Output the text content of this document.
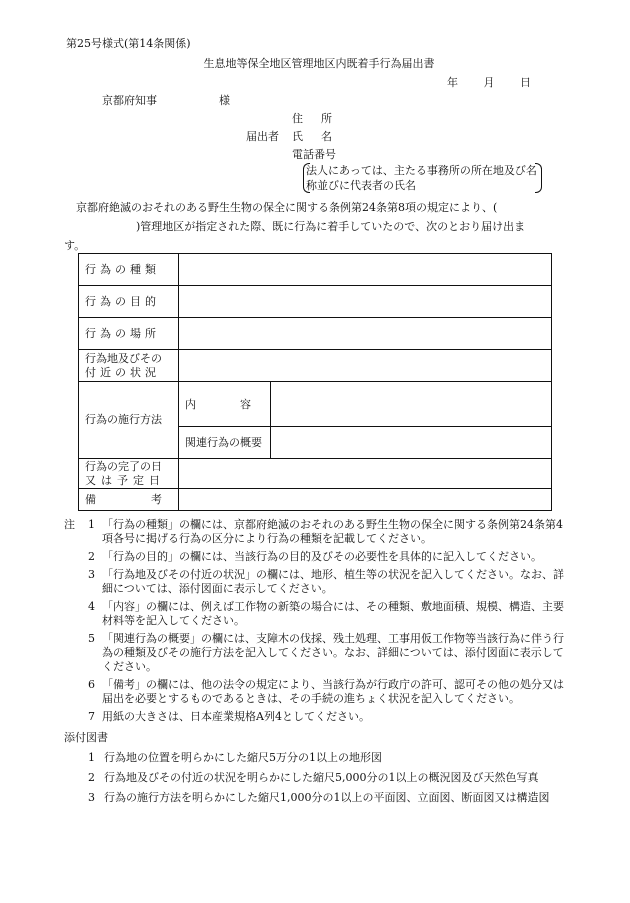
第25号様式(第14条関係)
生息地等保全地区管理地区内既着手行為届出書
年 月 日
京都府知事	様
住所
届出者 氏名
電話番号
法人にあっては、主たる事務所の所在地及び名称並びに代表者の氏名
京都府絶滅のおそれのある野生生物の保全に関する条例第24条第8項の規定により、(
)管理地区が指定された際、既に行為に着手していたので、次のとおり届け出ま
す。
行為の種類		
行為の目的		
行為の場所		

行為地及びその
付近の状況		

行為の施行方法	内　　　　容	
	関連行為の概要	

行為の完了の日
又は予定日		

備　　　　　考		
注 1 「行為の種類」の欄には、京都府絶滅のおそれのある野生生物の保全に関する条例第24条第4項各号に掲げる行為の区分により行為の種類を記載してください。
2 「行為の目的」の欄には、当該行為の目的及びその必要性を具体的に記入してください。
3 「行為地及びその付近の状況」の欄には、地形、植生等の状況を記入してください。なお、詳細については、添付図面に表示してください。
4 「内容」の欄には、例えば工作物の新築の場合には、その種類、敷地面積、規模、構造、主要材料等を記入してください。
5 「関連行為の概要」の欄には、支障木の伐採、残土処理、工事用仮工作物等当該行為に伴う行為の種類及びその施行方法を記入してください。なお、詳細については、添付図面に表示してください。
6 「備考」の欄には、他の法令の規定により、当該行為が行政庁の許可、認可その他の処分又は届出を必要とするものであるときは、その手続の進ちょく状況を記入してください。
7 用紙の大きさは、日本産業規格A列4としてください。
添付図書
1 行為地の位置を明らかにした縮尺5万分の1以上の地形図
2 行為地及びその付近の状況を明らかにした縮尺5,000分の1以上の概況図及び天然色写真
3 行為の施行方法を明らかにした縮尺1,000分の1以上の平面図、立面図、断面図又は構造図
